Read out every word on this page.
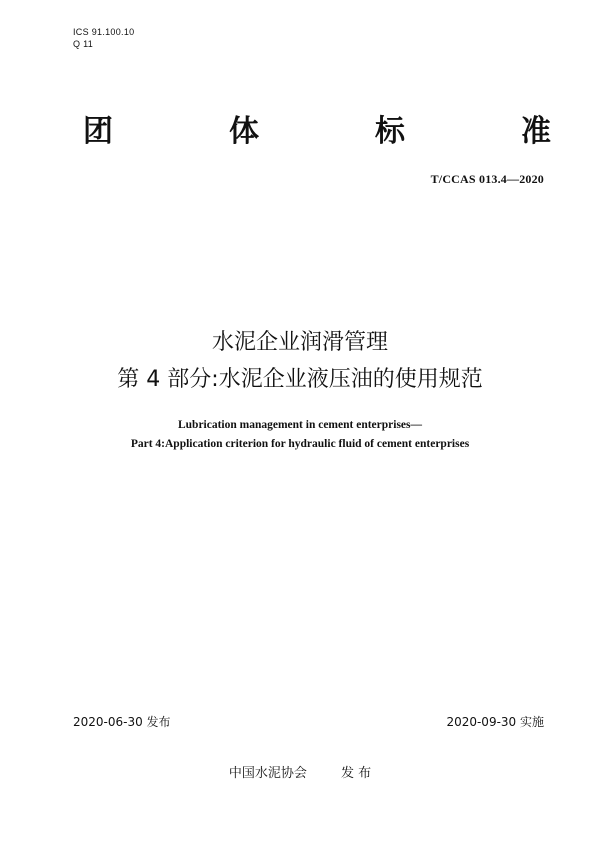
ICS 91.100.10
Q 11
团	体	标	准
T/CCAS 013.4—2020
水泥企业润滑管理
第 4 部分:水泥企业液压油的使用规范
Lubrication management in cement enterprises—
Part 4:Application criterion for hydraulic fluid of cement enterprises
2020-06-30 发布	2020-09-30 实施
中国水泥协会	发 布
